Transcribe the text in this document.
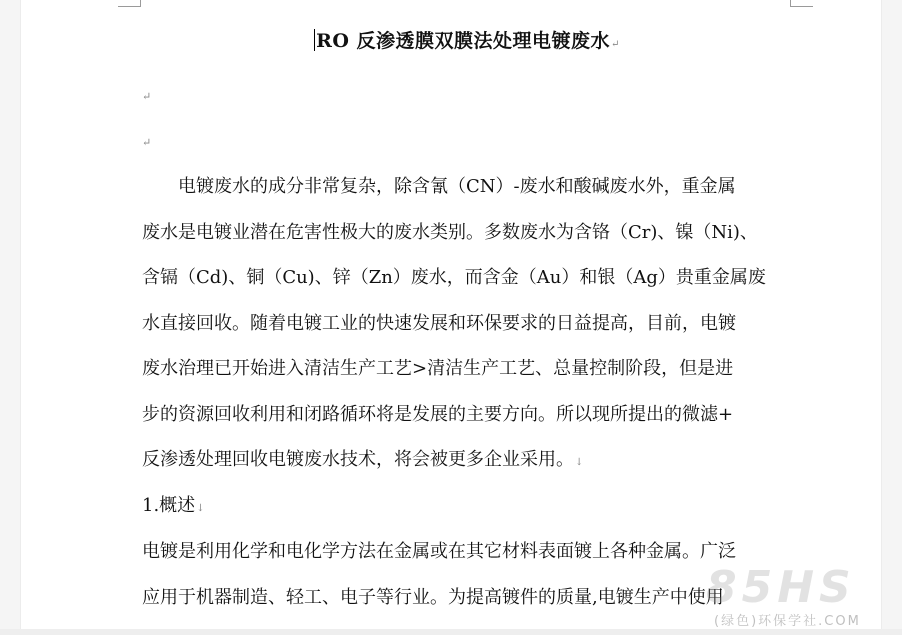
RO 反渗透膜双膜法处理电镀废水↵
↵
↵
　　电镀废水的成分非常复杂，除含氰（CN）-废水和酸碱废水外，重金属
废水是电镀业潜在危害性极大的废水类别。多数废水为含铬（Cr)、镍（Ni)、
含镉（Cd)、铜（Cu)、锌（Zn）废水，而含金（Au）和银（Ag）贵重金属废
水直接回收。随着电镀工业的快速发展和环保要求的日益提高，目前，电镀
废水治理已开始进入清洁生产工艺>清洁生产工艺、总量控制阶段，但是进
步的资源回收利用和闭路循环将是发展的主要方向。所以现所提出的微滤+
反渗透处理回收电镀废水技术，将会被更多企业采用。↓
1.概述↓
电镀是利用化学和电化学方法在金属或在其它材料表面镀上各种金属。广泛
应用于机器制造、轻工、电子等行业。为提高镀件的质量,电镀生产中使用
85HS
(绿色)环保学社.COM
